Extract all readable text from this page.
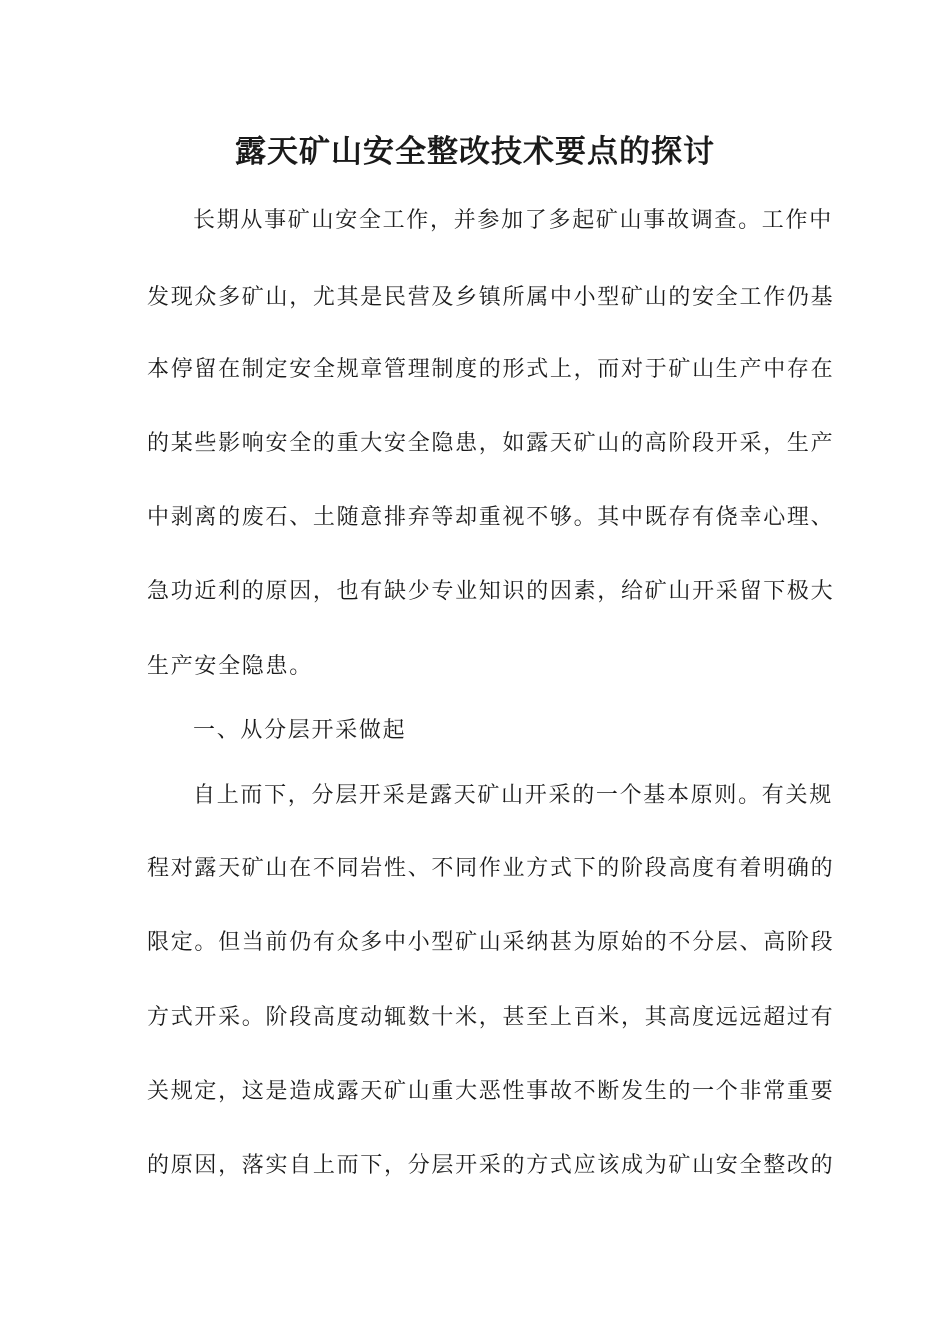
露天矿山安全整改技术要点的探讨
长期从事矿山安全工作，并参加了多起矿山事故调查。工作中
发现众多矿山，尤其是民营及乡镇所属中小型矿山的安全工作仍基
本停留在制定安全规章管理制度的形式上，而对于矿山生产中存在
的某些影响安全的重大安全隐患，如露天矿山的高阶段开采，生产
中剥离的废石、土随意排弃等却重视不够。其中既存有侥幸心理、
急功近利的原因，也有缺少专业知识的因素，给矿山开采留下极大
生产安全隐患。
一、从分层开采做起
自上而下，分层开采是露天矿山开采的一个基本原则。有关规
程对露天矿山在不同岩性、不同作业方式下的阶段高度有着明确的
限定。但当前仍有众多中小型矿山采纳甚为原始的不分层、高阶段
方式开采。阶段高度动辄数十米，甚至上百米，其高度远远超过有
关规定，这是造成露天矿山重大恶性事故不断发生的一个非常重要
的原因，落实自上而下，分层开采的方式应该成为矿山安全整改的
